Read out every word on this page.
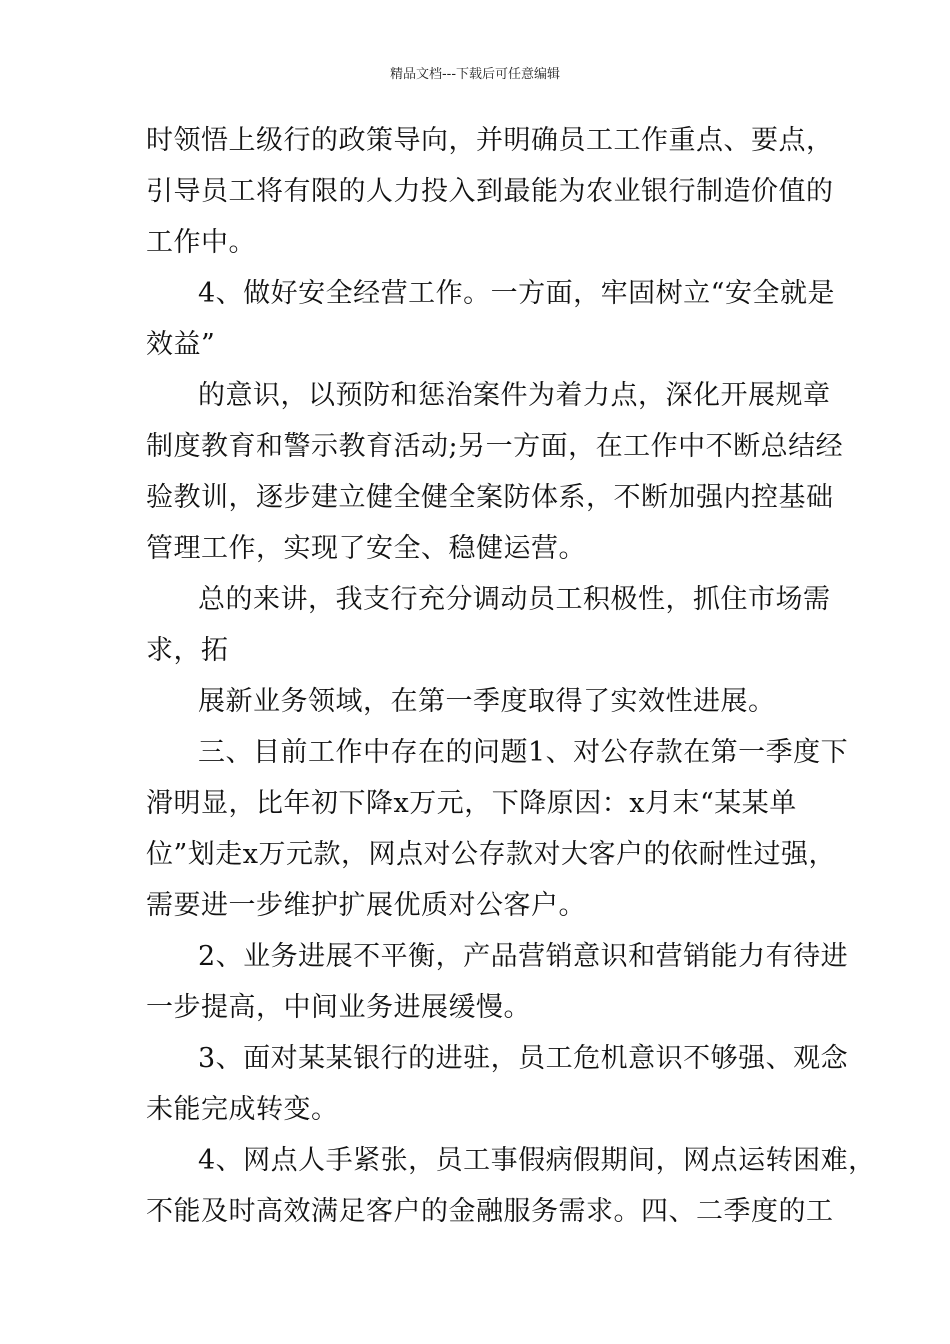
精品文档---下载后可任意编辑
时领悟上级行的政策导向，并明确员工工作重点、要点，
引导员工将有限的人力投入到最能为农业银行制造价值的
工作中。
4、做好安全经营工作。一方面，牢固树立“安全就是
效益”
的意识，以预防和惩治案件为着力点，深化开展规章
制度教育和警示教育活动;另一方面，在工作中不断总结经
验教训，逐步建立健全健全案防体系，不断加强内控基础
管理工作，实现了安全、稳健运营。
总的来讲，我支行充分调动员工积极性，抓住市场需
求，拓
展新业务领域，在第一季度取得了实效性进展。
三、目前工作中存在的问题1、对公存款在第一季度下
滑明显，比年初下降x万元，下降原因：x月末“某某单
位”划走x万元款，网点对公存款对大客户的依耐性过强，
需要进一步维护扩展优质对公客户。
2、业务进展不平衡，产品营销意识和营销能力有待进
一步提高，中间业务进展缓慢。
3、面对某某银行的进驻，员工危机意识不够强、观念
未能完成转变。
4、网点人手紧张，员工事假病假期间，网点运转困难，
不能及时高效满足客户的金融服务需求。四、二季度的工
